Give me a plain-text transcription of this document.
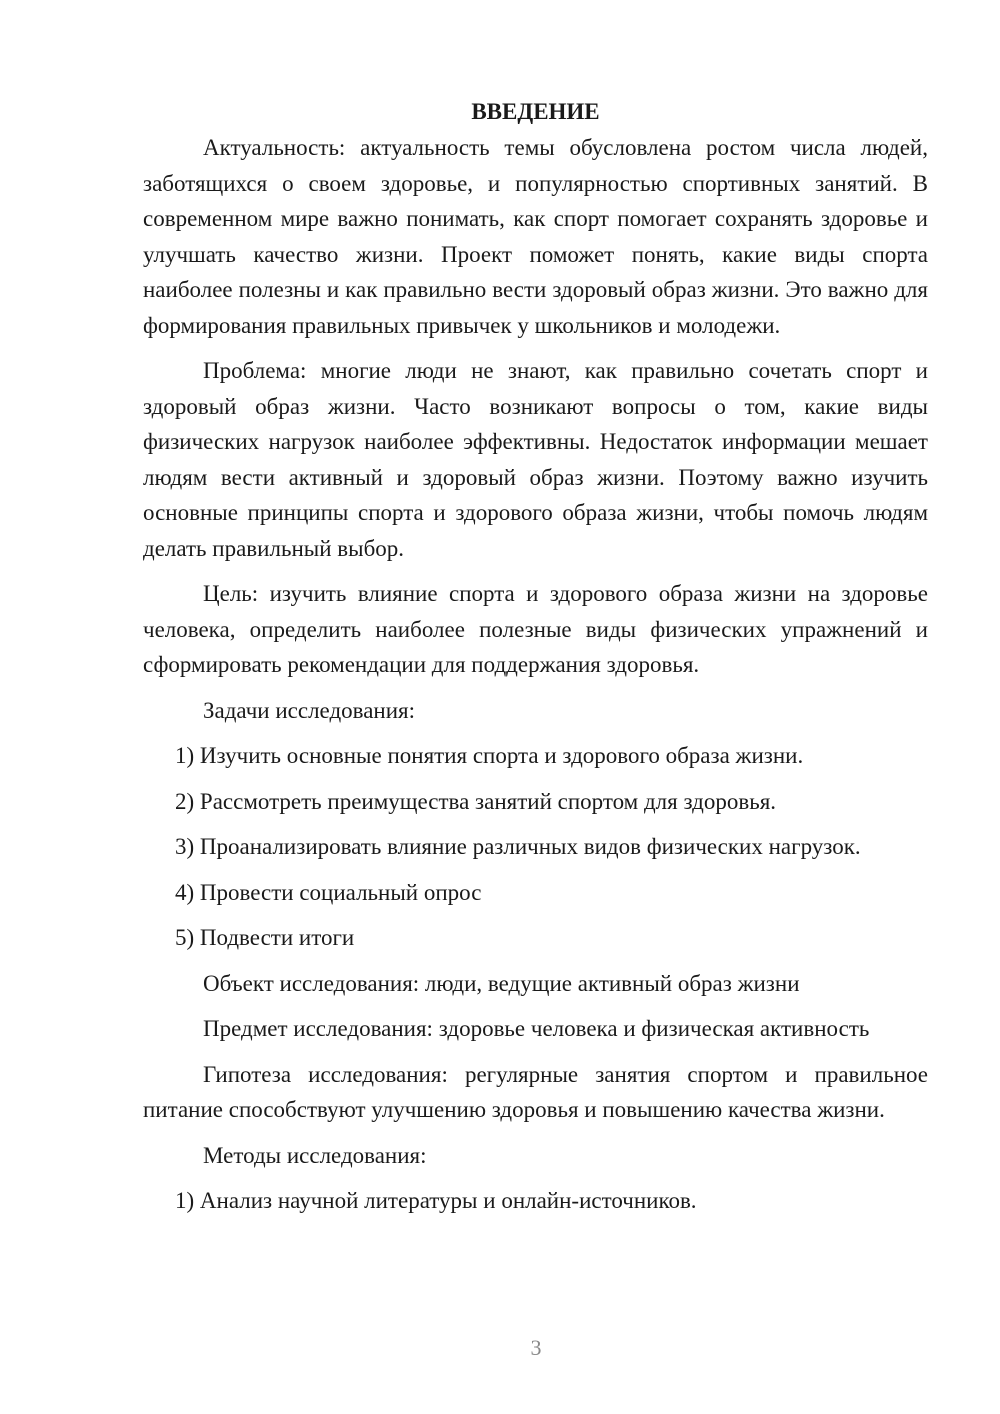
ВВЕДЕНИЕ

Актуальность: актуальность темы обусловлена ростом числа людей, заботящихся о своем здоровье, и популярностью спортивных занятий. В современном мире важно понимать, как спорт помогает сохранять здоровье и улучшать качество жизни. Проект поможет понять, какие виды спорта наиболее полезны и как правильно вести здоровый образ жизни. Это важно для формирования правильных привычек у школьников и молодежи.

Проблема: многие люди не знают, как правильно сочетать спорт и здоровый образ жизни. Часто возникают вопросы о том, какие виды физических нагрузок наиболее эффективны. Недостаток информации мешает людям вести активный и здоровый образ жизни. Поэтому важно изучить основные принципы спорта и здорового образа жизни, чтобы помочь людям делать правильный выбор.

Цель: изучить влияние спорта и здорового образа жизни на здоровье человека, определить наиболее полезные виды физических упражнений и сформировать рекомендации для поддержания здоровья.

Задачи исследования:

1) Изучить основные понятия спорта и здорового образа жизни.

2) Рассмотреть преимущества занятий спортом для здоровья.

3) Проанализировать влияние различных видов физических нагрузок.

4) Провести социальный опрос

5) Подвести итоги

Объект исследования: люди, ведущие активный образ жизни

Предмет исследования: здоровье человека и физическая активность

Гипотеза исследования: регулярные занятия спортом и правильное питание способствуют улучшению здоровья и повышению качества жизни.

Методы исследования:

1) Анализ научной литературы и онлайн-источников.

3
